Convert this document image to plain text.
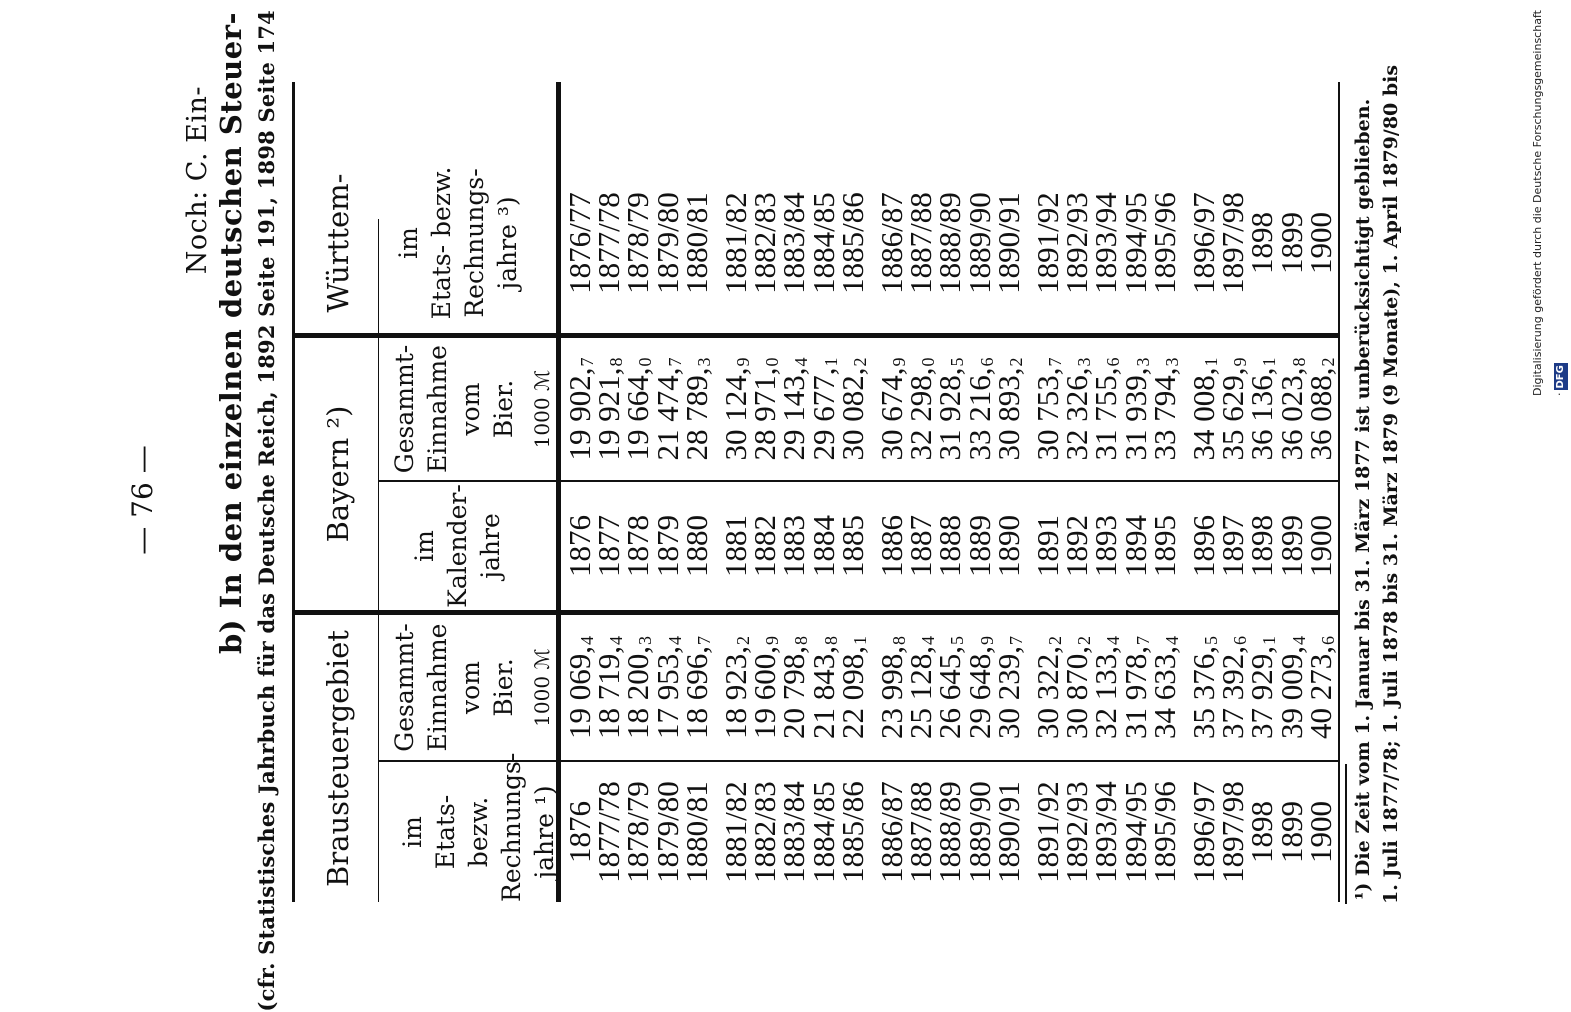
— 76 —
Noch: C. Ein- b) In den einzelnen deutschen Steuer- (cfr. Statistisches Jahrbuch für das Deutsche Reich, 1892 Seite 191, 1898 Seite 174 Brausteuergebiet
Bayern ²)
Württem-
im Etats- bezw. Rechnungs- jahre ¹)
Gesammt- Einnahme vom Bier. 1000 ℳ
im Kalender- jahre
Gesammt- Einnahme vom Bier. 1000 ℳ
im Etats- bezw. Rechnungs- jahre ³)
1876
1877/78
1878/79
1879/80
1880/81 1881/82
1882/83
1883/84
1884/85
1885/86 1886/87
1887/88
1888/89
1889/90
1890/91 1891/92
1892/93
1893/94
1894/95
1895/96 1896/97
1897/98
1898
1899
1900
19 069,4
18 719,4
18 200,3
17 953,4
18 696,7
18 923,2
19 600,9
20 798,8
21 843,8
22 098,1
23 998,8
25 128,4
26 645,5
29 648,9
30 239,7
30 322,2
30 870,2
32 133,4
31 978,7
34 633,4
35 376,5
37 392,6
37 929,1
39 009,4
40 273,6
1876
1877
1878
1879
1880 1881
1882
1883
1884
1885 1886
1887
1888
1889
1890 1891
1892
1893
1894
1895 1896
1897
1898
1899
1900
19 902,7
19 921,8
19 664,0
21 474,7
28 789,3
30 124,9
28 971,0
29 143,4
29 677,1
30 082,2
30 674,9
32 298,0
31 928,5
33 216,6
30 893,2
30 753,7
32 326,3
31 755,6
31 939,3
33 794,3
34 008,1
35 629,9
36 136,1
36 023,8
36 088,2
1876/77
1877/78
1878/79
1879/80
1880/81 1881/82
1882/83
1883/84
1884/85
1885/86 1886/87
1887/88
1888/89
1889/90
1890/91 1891/92
1892/93
1893/94
1894/95
1895/96 1896/97
1897/98
1898
1899
1900 ¹) Die Zeit vom 1. Januar bis 31. März 1877 ist unberücksichtigt geblieben. 1. Juli 1877/78; 1. Juli 1878 bis 31. März 1879 (9 Monate), 1. April 1879/80 bis	Digitalisierung gefördert durch die Deutsche Forschungsgemeinschaft ·DFG
